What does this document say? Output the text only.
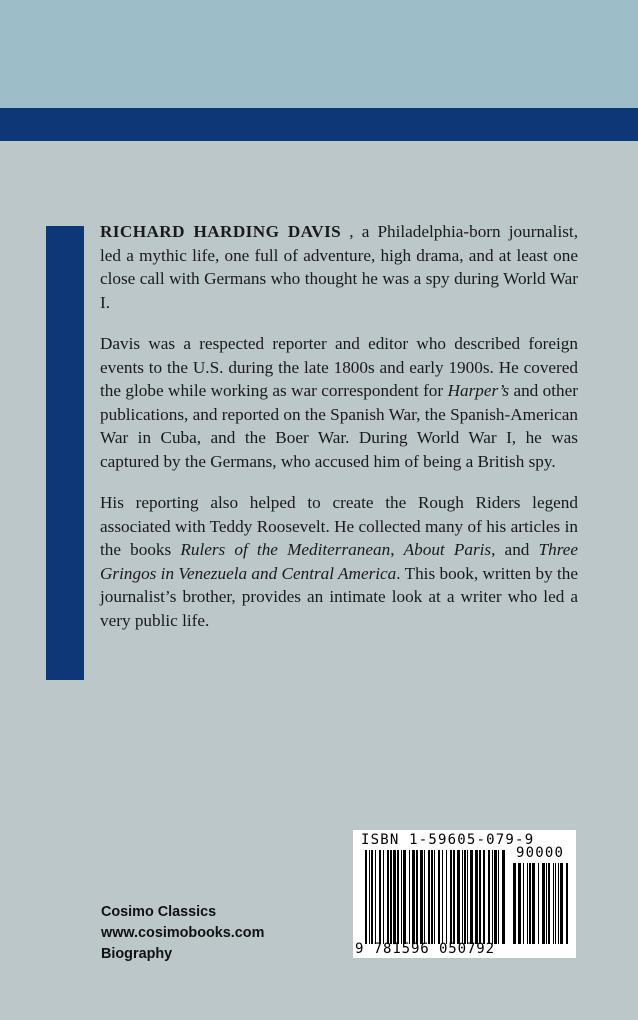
RICHARD HARDING DAVIS , a Philadelphia-born journalist, led a mythic life, one full of adventure, high drama, and at least one close call with Germans who thought he was a spy during World War I.

Davis was a respected reporter and editor who described foreign events to the U.S. during the late 1800s and early 1900s. He covered the globe while working as war correspondent for Harper’s and other publications, and reported on the Spanish War, the Spanish-American War in Cuba, and the Boer War. During World War I, he was captured by the Germans, who accused him of being a British spy.

His reporting also helped to create the Rough Riders legend associated with Teddy Roosevelt. He collected many of his articles in the books Rulers of the Mediterranean, About Paris, and Three Gringos in Venezuela and Central America. This book, written by the journalist’s brother, provides an intimate look at a writer who led a very public life.

Cosimo Classics
www.cosimobooks.com
Biography
ISBN 1-59605-079-9
90000
9 781596 050792
